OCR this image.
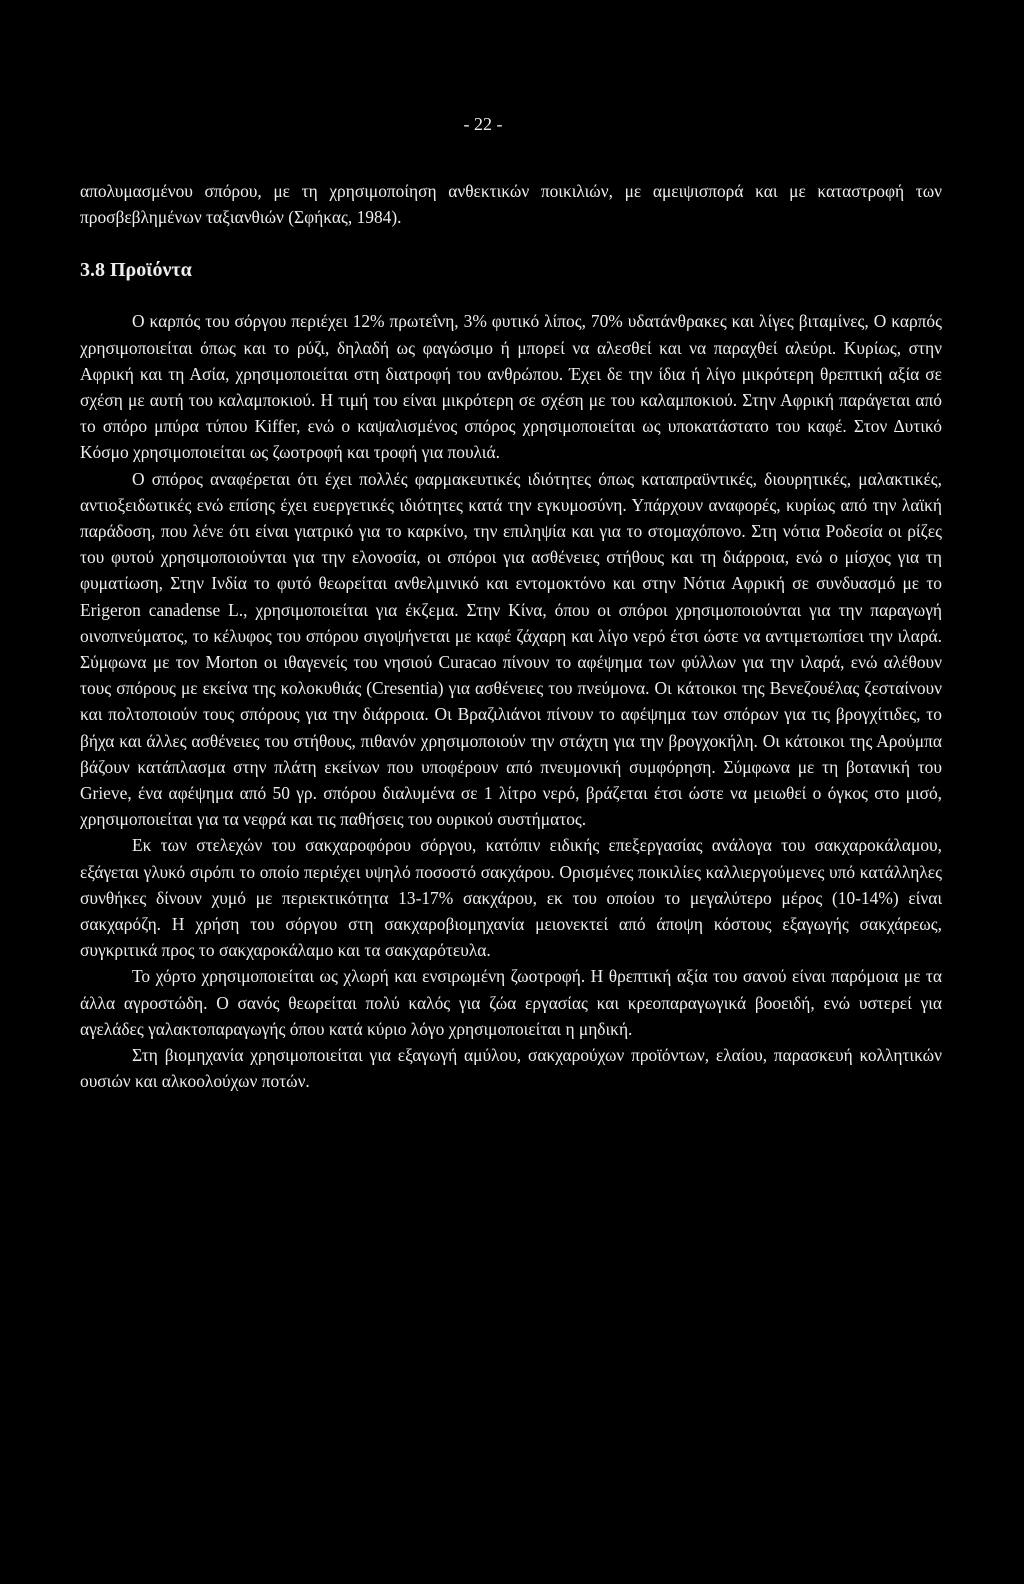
- 22 -

απολυμασμένου σπόρου, με τη χρησιμοποίηση ανθεκτικών ποικιλιών, με αμειψισπορά και με καταστροφή των προσβεβλημένων ταξιανθιών (Σφήκας, 1984).

3.8 Προϊόντα

Ο καρπός του σόργου περιέχει 12% πρωτεΐνη, 3% φυτικό λίπος, 70% υδατάνθρακες και λίγες βιταμίνες, Ο καρπός χρησιμοποιείται όπως και το ρύζι, δηλαδή ως φαγώσιμο ή μπορεί να αλεσθεί και να παραχθεί αλεύρι. Κυρίως, στην Αφρική και τη Ασία, χρησιμοποιείται στη διατροφή του ανθρώπου. Έχει δε την ίδια ή λίγο μικρότερη θρεπτική αξία σε σχέση με αυτή του καλαμποκιού. Η τιμή του είναι μικρότερη σε σχέση με του καλαμποκιού. Στην Αφρική παράγεται από το σπόρο μπύρα τύπου Kiffer, ενώ ο καψαλισμένος σπόρος χρησιμοποιείται ως υποκατάστατο του καφέ. Στον Δυτικό Κόσμο χρησιμοποιείται ως ζωοτροφή και τροφή για πουλιά.

Ο σπόρος αναφέρεται ότι έχει πολλές φαρμακευτικές ιδιότητες όπως καταπραϋντικές, διουρητικές, μαλακτικές, αντιοξειδωτικές ενώ επίσης έχει ευεργετικές ιδιότητες κατά την εγκυμοσύνη. Υπάρχουν αναφορές, κυρίως από την λαϊκή παράδοση, που λένε ότι είναι γιατρικό για το καρκίνο, την επιληψία και για το στομαχόπονο. Στη νότια Ροδεσία οι ρίζες του φυτού χρησιμοποιούνται για την ελονοσία, οι σπόροι για ασθένειες στήθους και τη διάρροια, ενώ ο μίσχος για τη φυματίωση, Στην Ινδία το φυτό θεωρείται ανθελμινικό και εντομοκτόνο και στην Νότια Αφρική σε συνδυασμό με το Erigeron canadense L., χρησιμοποιείται για έκζεμα. Στην Κίνα, όπου οι σπόροι χρησιμοποιούνται για την παραγωγή οινοπνεύματος, το κέλυφος του σπόρου σιγοψήνεται με καφέ ζάχαρη και λίγο νερό έτσι ώστε να αντιμετωπίσει την ιλαρά. Σύμφωνα με τον Morton οι ιθαγενείς του νησιού Curacao πίνουν το αφέψημα των φύλλων για την ιλαρά, ενώ αλέθουν τους σπόρους με εκείνα της κολοκυθιάς (Cresentia) για ασθένειες του πνεύμονα. Οι κάτοικοι της Βενεζουέλας ζεσταίνουν και πολτοποιούν τους σπόρους για την διάρροια. Οι Βραζιλιάνοι πίνουν το αφέψημα των σπόρων για τις βρογχίτιδες, το βήχα και άλλες ασθένειες του στήθους, πιθανόν χρησιμοποιούν την στάχτη για την βρογχοκήλη. Οι κάτοικοι της Αρούμπα βάζουν κατάπλασμα στην πλάτη εκείνων που υποφέρουν από πνευμονική συμφόρηση. Σύμφωνα με τη βοτανική του Grieve, ένα αφέψημα από 50 γρ. σπόρου διαλυμένα σε 1 λίτρο νερό, βράζεται έτσι ώστε να μειωθεί ο όγκος στο μισό, χρησιμοποιείται για τα νεφρά και τις παθήσεις του ουρικού συστήματος.

Εκ των στελεχών του σακχαροφόρου σόργου, κατόπιν ειδικής επεξεργασίας ανάλογα του σακχαροκάλαμου, εξάγεται γλυκό σιρόπι το οποίο περιέχει υψηλό ποσοστό σακχάρου. Ορισμένες ποικιλίες καλλιεργούμενες υπό κατάλληλες συνθήκες δίνουν χυμό με περιεκτικότητα 13-17% σακχάρου, εκ του οποίου το μεγαλύτερο μέρος (10-14%) είναι σακχαρόζη. Η χρήση του σόργου στη σακχαροβιομηχανία μειονεκτεί από άποψη κόστους εξαγωγής σακχάρεως, συγκριτικά προς το σακχαροκάλαμο και τα σακχαρότευλα.

Το χόρτο χρησιμοποιείται ως χλωρή και ενσιρωμένη ζωοτροφή. Η θρεπτική αξία του σανού είναι παρόμοια με τα άλλα αγροστώδη. Ο σανός θεωρείται πολύ καλός για ζώα εργασίας και κρεοπαραγωγικά βοοειδή, ενώ υστερεί για αγελάδες γαλακτοπαραγωγής όπου κατά κύριο λόγο χρησιμοποιείται η μηδική.

Στη βιομηχανία χρησιμοποιείται για εξαγωγή αμύλου, σακχαρούχων προϊόντων, ελαίου, παρασκευή κολλητικών ουσιών και αλκοολούχων ποτών.
